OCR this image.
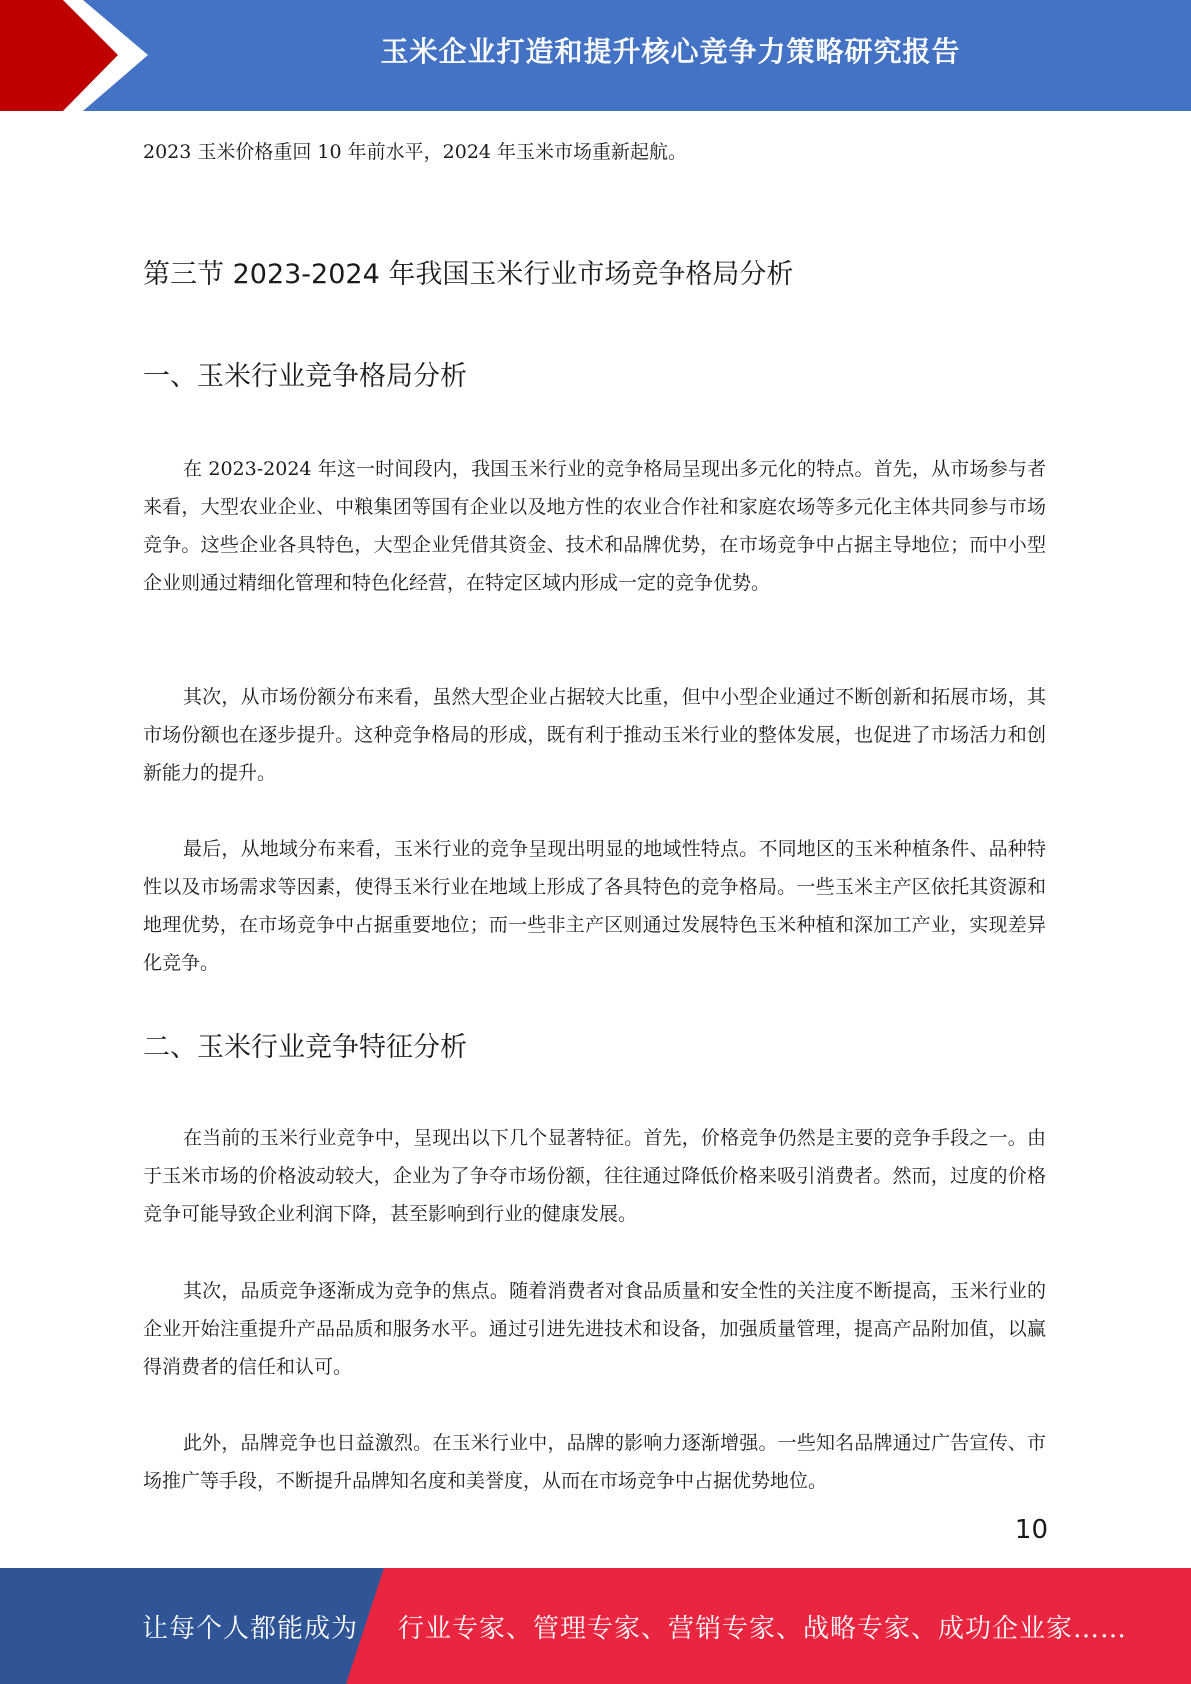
玉米企业打造和提升核心竞争力策略研究报告

2023 玉米价格重回 10 年前水平，2024 年玉米市场重新起航。

第三节 2023-2024 年我国玉米行业市场竞争格局分析
一、玉米行业竞争格局分析

在 2023-2024 年这一时间段内，我国玉米行业的竞争格局呈现出多元化的特点。首先，从市场参与者来看，大型农业企业、中粮集团等国有企业以及地方性的农业合作社和家庭农场等多元化主体共同参与市场竞争。这些企业各具特色，大型企业凭借其资金、技术和品牌优势，在市场竞争中占据主导地位；而中小型企业则通过精细化管理和特色化经营，在特定区域内形成一定的竞争优势。

其次，从市场份额分布来看，虽然大型企业占据较大比重，但中小型企业通过不断创新和拓展市场，其市场份额也在逐步提升。这种竞争格局的形成，既有利于推动玉米行业的整体发展，也促进了市场活力和创新能力的提升。

最后，从地域分布来看，玉米行业的竞争呈现出明显的地域性特点。不同地区的玉米种植条件、品种特性以及市场需求等因素，使得玉米行业在地域上形成了各具特色的竞争格局。一些玉米主产区依托其资源和地理优势，在市场竞争中占据重要地位；而一些非主产区则通过发展特色玉米种植和深加工产业，实现差异化竞争。

二、玉米行业竞争特征分析

在当前的玉米行业竞争中，呈现出以下几个显著特征。首先，价格竞争仍然是主要的竞争手段之一。由于玉米市场的价格波动较大，企业为了争夺市场份额，往往通过降低价格来吸引消费者。然而，过度的价格竞争可能导致企业利润下降，甚至影响到行业的健康发展。

其次，品质竞争逐渐成为竞争的焦点。随着消费者对食品质量和安全性的关注度不断提高，玉米行业的企业开始注重提升产品品质和服务水平。通过引进先进技术和设备，加强质量管理，提高产品附加值，以赢得消费者的信任和认可。

此外，品牌竞争也日益激烈。在玉米行业中，品牌的影响力逐渐增强。一些知名品牌通过广告宣传、市场推广等手段，不断提升品牌知名度和美誉度，从而在市场竞争中占据优势地位。

10
让每个人都能成为 行业专家、管理专家、营销专家、战略专家、成功企业家……
